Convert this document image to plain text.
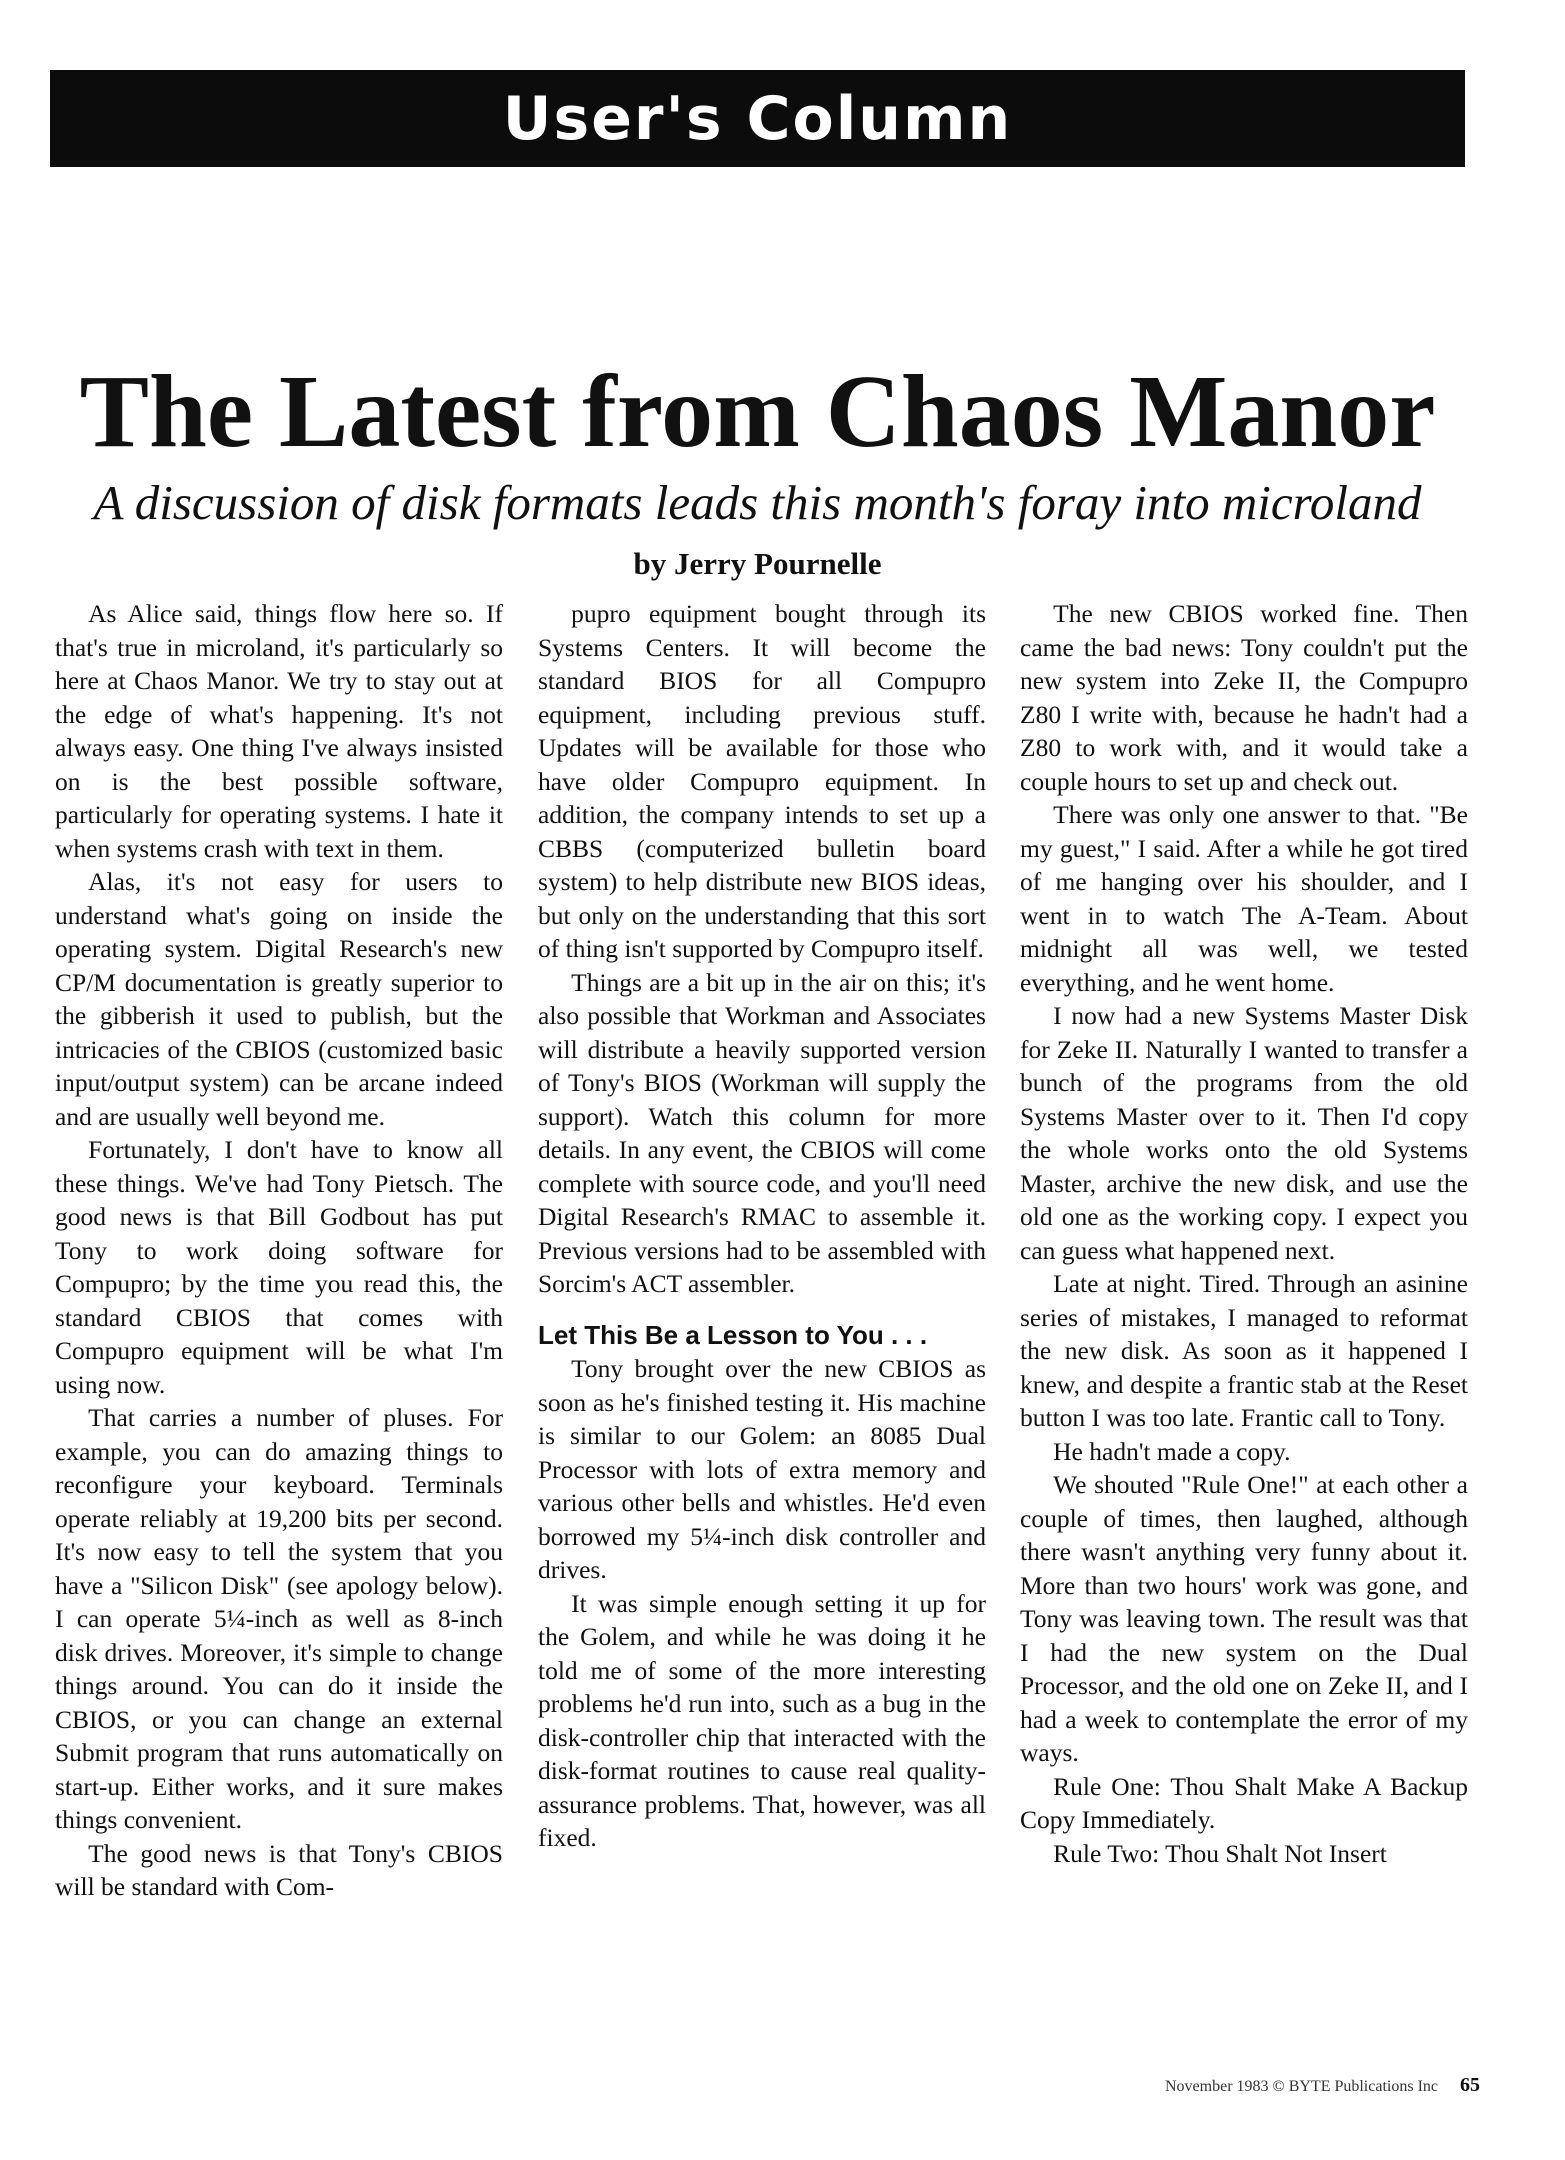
User's Column
The Latest from Chaos Manor
A discussion of disk formats leads this month's foray into microland
by Jerry Pournelle

As Alice said, things flow here so. If that's true in microland, it's particularly so here at Chaos Manor. We try to stay out at the edge of what's happening. It's not always easy. One thing I've always insisted on is the best possible software, particularly for operating systems. I hate it when systems crash with text in them.

Alas, it's not easy for users to understand what's going on inside the operating system. Digital Research's new CP/M documentation is greatly superior to the gibberish it used to publish, but the intricacies of the CBIOS (customized basic input/output system) can be arcane indeed and are usually well beyond me.

Fortunately, I don't have to know all these things. We've had Tony Pietsch. The good news is that Bill Godbout has put Tony to work doing software for Compupro; by the time you read this, the standard CBIOS that comes with Compupro equipment will be what I'm using now.

That carries a number of pluses. For example, you can do amazing things to reconfigure your keyboard. Terminals operate reliably at 19,200 bits per second. It's now easy to tell the system that you have a "Silicon Disk" (see apology below). I can operate 5¼-inch as well as 8-inch disk drives. Moreover, it's simple to change things around. You can do it inside the CBIOS, or you can change an external Submit program that runs automatically on start-up. Either works, and it sure makes things convenient.

The good news is that Tony's CBIOS will be standard with Com-

pupro equipment bought through its Systems Centers. It will become the standard BIOS for all Compupro equipment, including previous stuff. Updates will be available for those who have older Compupro equipment. In addition, the company intends to set up a CBBS (computerized bulletin board system) to help distribute new BIOS ideas, but only on the understanding that this sort of thing isn't supported by Compupro itself.

Things are a bit up in the air on this; it's also possible that Workman and Associates will distribute a heavily supported version of Tony's BIOS (Workman will supply the support). Watch this column for more details. In any event, the CBIOS will come complete with source code, and you'll need Digital Research's RMAC to assemble it. Previous versions had to be assembled with Sorcim's ACT assembler.

Let This Be a Lesson to You . . .

Tony brought over the new CBIOS as soon as he's finished testing it. His machine is similar to our Golem: an 8085 Dual Processor with lots of extra memory and various other bells and whistles. He'd even borrowed my 5¼-inch disk controller and drives.

It was simple enough setting it up for the Golem, and while he was doing it he told me of some of the more interesting problems he'd run into, such as a bug in the disk-controller chip that interacted with the disk-format routines to cause real quality-assurance problems. That, however, was all fixed.

The new CBIOS worked fine. Then came the bad news: Tony couldn't put the new system into Zeke II, the Compupro Z80 I write with, because he hadn't had a Z80 to work with, and it would take a couple hours to set up and check out.

There was only one answer to that. "Be my guest," I said. After a while he got tired of me hanging over his shoulder, and I went in to watch The A-Team. About midnight all was well, we tested everything, and he went home.

I now had a new Systems Master Disk for Zeke II. Naturally I wanted to transfer a bunch of the programs from the old Systems Master over to it. Then I'd copy the whole works onto the old Systems Master, archive the new disk, and use the old one as the working copy. I expect you can guess what happened next.

Late at night. Tired. Through an asinine series of mistakes, I managed to reformat the new disk. As soon as it happened I knew, and despite a frantic stab at the Reset button I was too late. Frantic call to Tony.

He hadn't made a copy.

We shouted "Rule One!" at each other a couple of times, then laughed, although there wasn't anything very funny about it. More than two hours' work was gone, and Tony was leaving town. The result was that I had the new system on the Dual Processor, and the old one on Zeke II, and I had a week to contemplate the error of my ways.

Rule One: Thou Shalt Make A Backup Copy Immediately.

Rule Two: Thou Shalt Not Insert

November 1983 © BYTE Publications Inc 65
